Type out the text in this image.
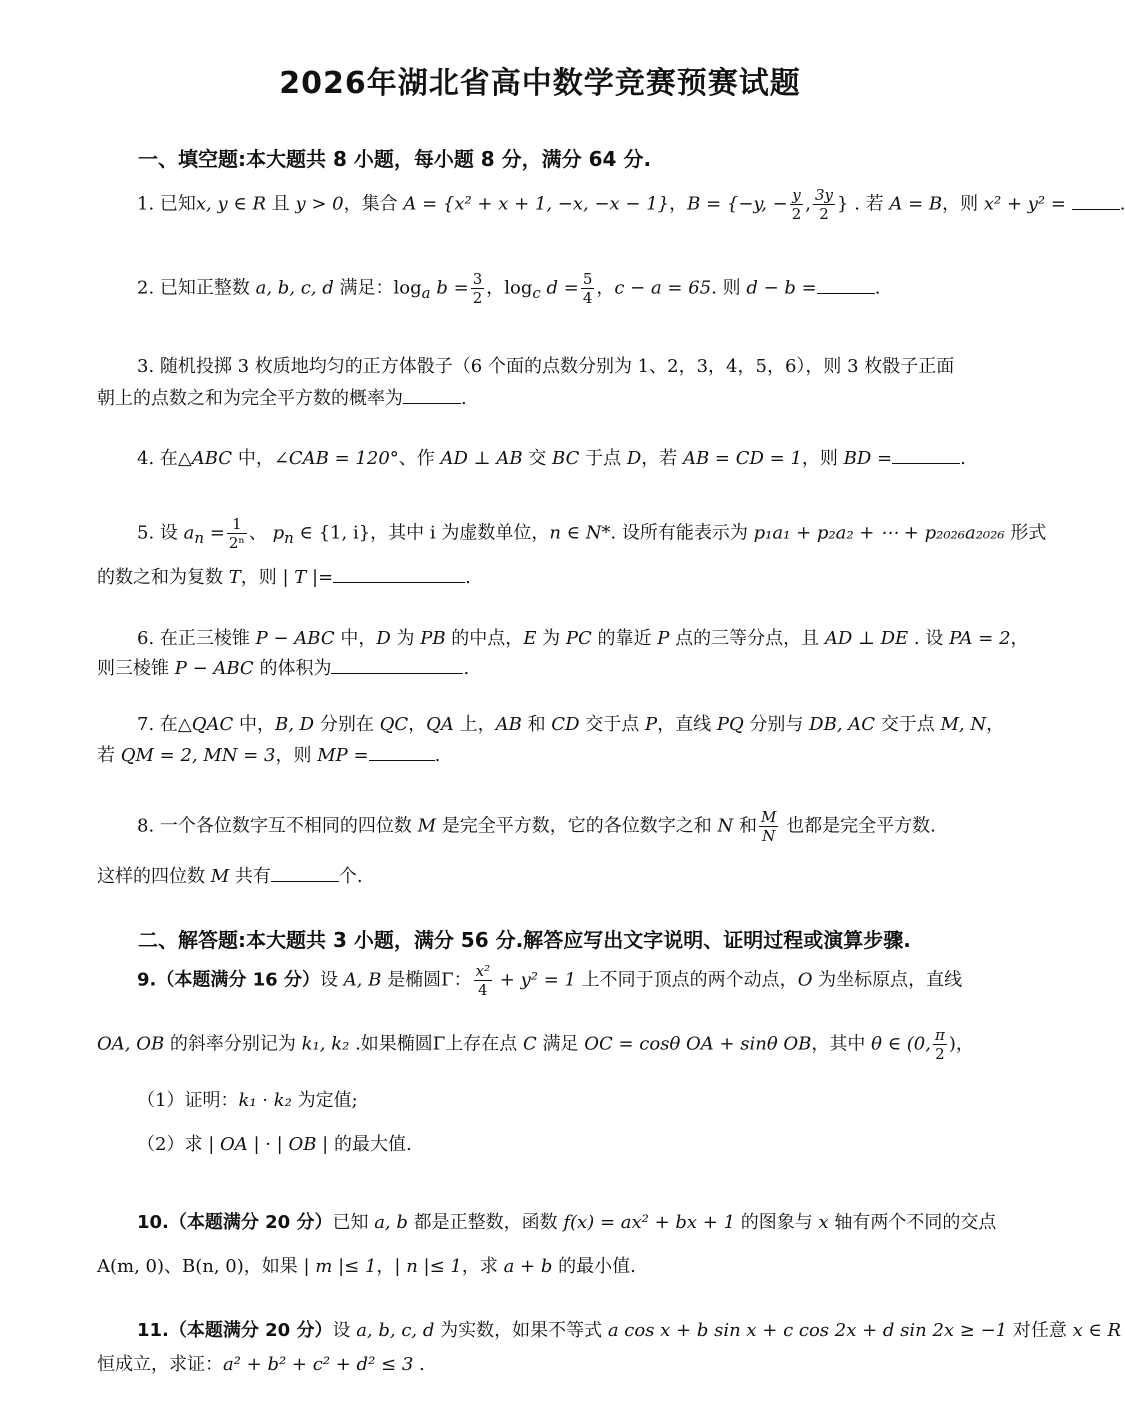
2026年湖北省高中数学竞赛预赛试题
一、填空题:本大题共 8 小题，每小题 8 分，满分 64 分.
1. 已知x, y ∈ R 且 y > 0，集合 A = {x² + x + 1, −x, −x − 1}，B = {−y, − $\frac{y}{2}$ , $\frac{3y}{2}$ } . 若 A = B，则 x² + y² =	.
2. 已知正整数 a, b, c, d 满足：$\log_a b = \frac{3}{2}$ ，$\log_c d = \frac{5}{4}$ ，c − a = 65. 则 d − b =	.
3. 随机投掷 3 枚质地均匀的正方体骰子（6 个面的点数分别为 1、2，3，4，5，6），则 3 枚骰子正面
朝上的点数之和为完全平方数的概率为	.
4. 在△ABC 中，∠CAB = 120°、作 AD ⊥ AB 交 BC 于点 D，若 AB = CD = 1，则 BD =	.
5. 设 $a_n = \frac{1}{\text{2ⁿ}}$ 、 $p_n$ ∈ {1, i}，其中 i 为虚数单位，n ∈ N*. 设所有能表示为 p₁a₁ + p₂a₂ + ⋯ + p₂₀₂₆a₂₀₂₆ 形式
的数之和为复数 T，则 | T |=	.
6. 在正三棱锥 P − ABC 中，D 为 PB 的中点，E 为 PC 的靠近 P 点的三等分点，且 AD ⊥ DE . 设 PA = 2，
则三棱锥 P − ABC 的体积为	.
7. 在△QAC 中，B, D 分别在 QC，QA 上，AB 和 CD 交于点 P，直线 PQ 分别与 DB, AC 交于点 M, N，
若 QM = 2, MN = 3，则 MP =	.
8. 一个各位数字互不相同的四位数 M 是完全平方数，它的各位数字之和 N 和 $\frac{M}{N}$ 也都是完全平方数.
这样的四位数 M 共有	个.
二、解答题:本大题共 3 小题，满分 56 分.解答应写出文字说明、证明过程或演算步骤.
9.（本题满分 16 分）设 A, B 是椭圆Γ： $\frac{\text{x²}}{4} + y^2 = 1$ 上不同于顶点的两个动点，O 为坐标原点，直线
OA, OB 的斜率分别记为 k₁, k₂ .如果椭圆Γ上存在点 C 满足 OC = cosθ OA + sinθ OB，其中 θ ∈ (0, $\frac{\pi}{2}$ )，
（1）证明：k₁ · k₂ 为定值;
（2）求 | OA | · | OB | 的最大值.
10.（本题满分 20 分）已知 a, b 都是正整数，函数 f(x) = ax² + bx + 1 的图象与 x 轴有两个不同的交点
A(m, 0)、B(n, 0)，如果 | m |≤ 1，| n |≤ 1，求 a + b 的最小值.
11.（本题满分 20 分）设 a, b, c, d 为实数，如果不等式 a cos x + b sin x + c cos 2x + d sin 2x ≥ −1 对任意 x ∈ R
恒成立，求证：a² + b² + c² + d² ≤ 3 .
